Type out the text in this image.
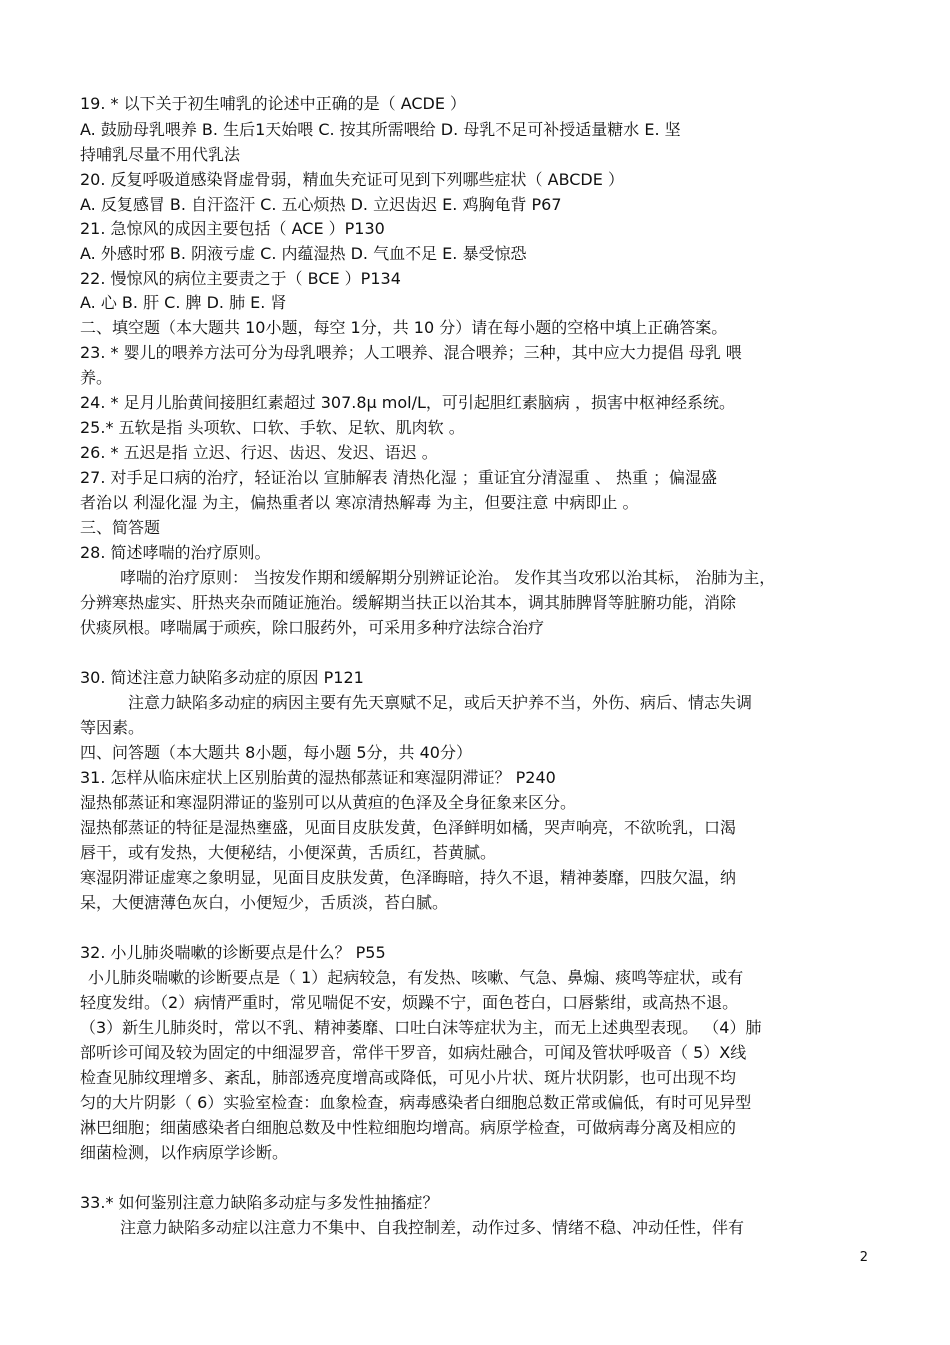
19. * 以下关于初生哺乳的论述中正确的是（ ACDE ）
A. 鼓励母乳喂养 B. 生后1天始喂 C. 按其所需喂给 D. 母乳不足可补授适量糖水 E. 坚
持哺乳尽量不用代乳法
20. 反复呼吸道感染肾虚骨弱，精血失充证可见到下列哪些症状（ ABCDE ）
A. 反复感冒 B. 自汗盗汗 C. 五心烦热 D. 立迟齿迟 E. 鸡胸龟背 P67
21. 急惊风的成因主要包括（ ACE ）P130
A. 外感时邪 B. 阴液亏虚 C. 内蕴湿热 D. 气血不足 E. 暴受惊恐
22. 慢惊风的病位主要责之于（ BCE ）P134
A. 心 B. 肝 C. 脾 D. 肺 E. 肾
二、填空题（本大题共 10小题，每空 1分，共 10 分）请在每小题的空格中填上正确答案。
23. * 婴儿的喂养方法可分为母乳喂养；人工喂养、混合喂养；三种，其中应大力提倡 母乳 喂
养。
24. * 足月儿胎黄间接胆红素超过 307.8μ mol/L，可引起胆红素脑病 ，损害中枢神经系统。
25.* 五软是指 头项软、口软、手软、足软、肌肉软 。
26. * 五迟是指 立迟、行迟、齿迟、发迟、语迟 。
27. 对手足口病的治疗，轻证治以 宣肺解表 清热化湿 ；重证宜分清湿重 、 热重 ；偏湿盛
者治以 利湿化湿 为主，偏热重者以 寒凉清热解毒 为主，但要注意 中病即止 。
三、简答题
28. 简述哮喘的治疗原则。
哮喘的治疗原则： 当按发作期和缓解期分别辨证论治。 发作其当攻邪以治其标， 治肺为主，
分辨寒热虚实、肝热夹杂而随证施治。缓解期当扶正以治其本，调其肺脾肾等脏腑功能，消除
伏痰夙根。哮喘属于顽疾，除口服药外，可采用多种疗法综合治疗
30. 简述注意力缺陷多动症的原因 P121
注意力缺陷多动症的病因主要有先天禀赋不足，或后天护养不当，外伤、病后、情志失调
等因素。
四、问答题（本大题共 8小题，每小题 5分，共 40分）
31. 怎样从临床症状上区别胎黄的湿热郁蒸证和寒湿阴滞证？ P240
湿热郁蒸证和寒湿阴滞证的鉴别可以从黄疸的色泽及全身征象来区分。
湿热郁蒸证的特征是湿热壅盛，见面目皮肤发黄，色泽鲜明如橘，哭声响亮，不欲吮乳，口渴
唇干，或有发热，大便秘结，小便深黄，舌质红，苔黄腻。
寒湿阴滞证虚寒之象明显，见面目皮肤发黄，色泽晦暗，持久不退，精神萎靡，四肢欠温，纳
呆，大便溏薄色灰白，小便短少，舌质淡，苔白腻。
32. 小儿肺炎喘嗽的诊断要点是什么？ P55
小儿肺炎喘嗽的诊断要点是（ 1）起病较急，有发热、咳嗽、气急、鼻煽、痰鸣等症状，或有
轻度发绀。（2）病情严重时，常见喘促不安，烦躁不宁，面色苍白，口唇紫绀，或高热不退。
（3）新生儿肺炎时，常以不乳、精神萎靡、口吐白沫等症状为主，而无上述典型表现。 （4）肺
部听诊可闻及较为固定的中细湿罗音，常伴干罗音，如病灶融合，可闻及管状呼吸音（ 5）X线
检查见肺纹理增多、紊乱，肺部透亮度增高或降低，可见小片状、斑片状阴影，也可出现不均
匀的大片阴影（ 6）实验室检查：血象检查，病毒感染者白细胞总数正常或偏低，有时可见异型
淋巴细胞；细菌感染者白细胞总数及中性粒细胞均增高。病原学检查，可做病毒分离及相应的
细菌检测，以作病原学诊断。
33.* 如何鉴别注意力缺陷多动症与多发性抽搐症？
注意力缺陷多动症以注意力不集中、自我控制差，动作过多、情绪不稳、冲动任性，伴有
2
